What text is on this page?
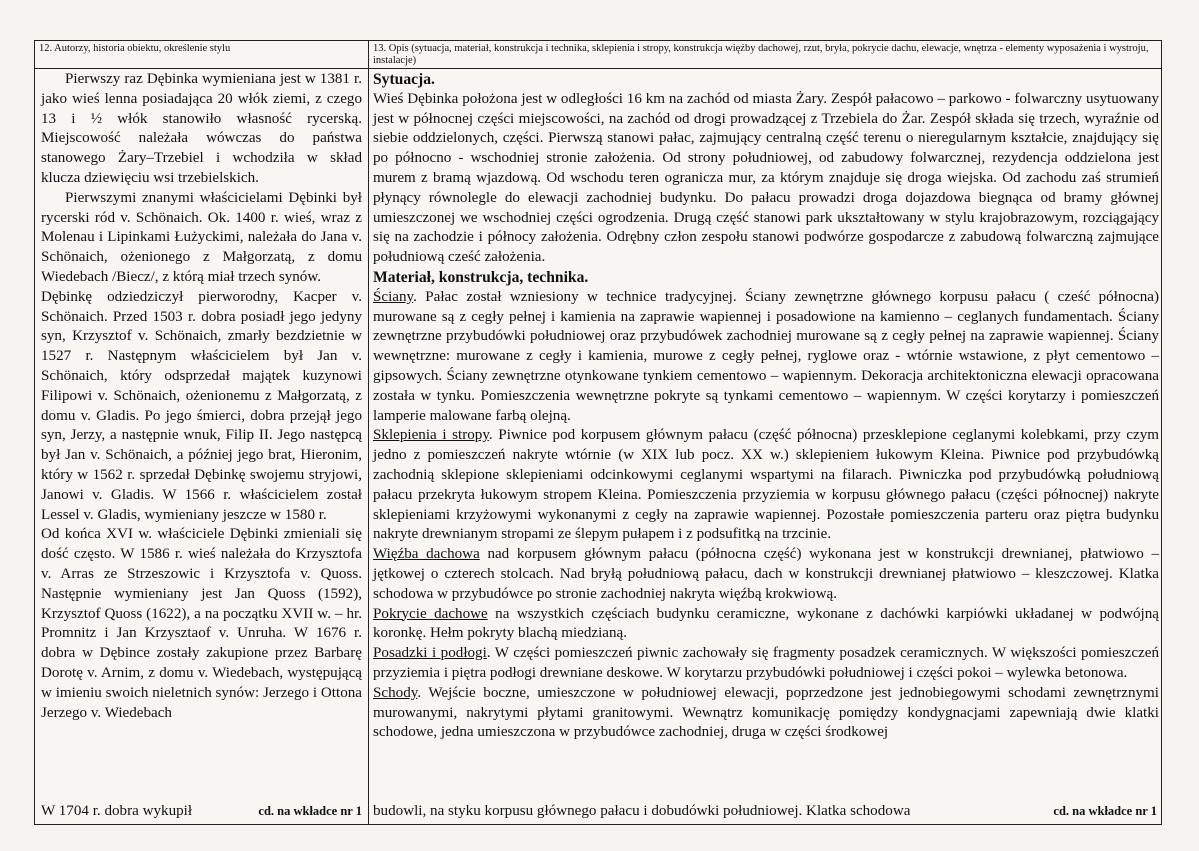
12. Autorzy, historia obiektu, określenie stylu	13. Opis (sytuacja, materiał, konstrukcja i technika, sklepienia i stropy, konstrukcja więźby dachowej, rzut, bryła, pokrycie dachu, elewacje, wnętrza - elementy wyposażenia i wystroju, instalacje)

Pierwszy raz Dębinka wymieniana jest w 1381 r. jako wieś lenna posiadająca 20 włók ziemi, z czego 13 i ½ włók stanowiło własność rycerską. Miejscowość należała wówczas do państwa stanowego Żary–Trzebiel i wchodziła w skład klucza dziewięciu wsi trzebielskich.

Pierwszymi znanymi właścicielami Dębinki był rycerski ród v. Schönaich. Ok. 1400 r. wieś, wraz z Molenau i Lipinkami Łużyckimi, należała do Jana v. Schönaich, ożenionego z Małgorzatą, z domu Wiedebach /Biecz/, z którą miał trzech synów.

Dębinkę odziedziczył pierworodny, Kacper v. Schönaich. Przed 1503 r. dobra posiadł jego jedyny syn, Krzysztof v. Schönaich, zmarły bezdzietnie w 1527 r. Następnym właścicielem był Jan v. Schönaich, który odsprzedał majątek kuzynowi Filipowi v. Schönaich, ożenionemu z Małgorzatą, z domu v. Gladis. Po jego śmierci, dobra przejął jego syn, Jerzy, a następnie wnuk, Filip II. Jego następcą był Jan v. Schönaich, a później jego brat, Hieronim, który w 1562 r. sprzedał Dębinkę swojemu stryjowi, Janowi v. Gladis. W 1566 r. właścicielem został Lessel v. Gladis, wymieniany jeszcze w 1580 r.

Od końca XVI w. właściciele Dębinki zmieniali się dość często. W 1586 r. wieś należała do Krzysztofa v. Arras ze Strzeszowic i Krzysztofa v. Quoss. Następnie wymieniany jest Jan Quoss (1592), Krzysztof Quoss (1622), a na początku XVII w. – hr. Promnitz i Jan Krzysztaof v. Unruha. W 1676 r. dobra w Dębince zostały zakupione przez Barbarę Dorotę v. Arnim, z domu v. Wiedebach, występującą w imieniu swoich nieletnich synów: Jerzego i Ottona Jerzego v. Wiedebach

W 1704 r. dobra wykupił	cd. na wkładce nr 1

Sytuacja.

Wieś Dębinka położona jest w odległości 16 km na zachód od miasta Żary. Zespół pałacowo – parkowo - folwarczny usytuowany jest w północnej części miejscowości, na zachód od drogi prowadzącej z Trzebiela do Żar. Zespół składa się trzech, wyraźnie od siebie oddzielonych, części. Pierwszą stanowi pałac, zajmujący centralną część terenu o nieregularnym kształcie, znajdujący się po północno - wschodniej stronie założenia. Od strony południowej, od zabudowy folwarcznej, rezydencja oddzielona jest murem z bramą wjazdową. Od wschodu teren ogranicza mur, za którym znajduje się droga wiejska. Od zachodu zaś strumień płynący równolegle do elewacji zachodniej budynku. Do pałacu prowadzi droga dojazdowa biegnąca od bramy głównej umieszczonej we wschodniej części ogrodzenia. Drugą część stanowi park ukształtowany w stylu krajobrazowym, rozciągający się na zachodzie i północy założenia. Odrębny człon zespołu stanowi podwórze gospodarcze z zabudową folwarczną zajmujące południową cześć założenia.

Materiał, konstrukcja, technika.

Ściany. Pałac został wzniesiony w technice tradycyjnej. Ściany zewnętrzne głównego korpusu pałacu ( cześć północna) murowane są z cegły pełnej i kamienia na zaprawie wapiennej i posadowione na kamienno – ceglanych fundamentach. Ściany zewnętrzne przybudówki południowej oraz przybudówek zachodniej murowane są z cegły pełnej na zaprawie wapiennej. Ściany wewnętrzne: murowane z cegły i kamienia, murowe z cegły pełnej, ryglowe oraz - wtórnie wstawione, z płyt cementowo – gipsowych. Ściany zewnętrzne otynkowane tynkiem cementowo – wapiennym. Dekoracja architektoniczna elewacji opracowana została w tynku. Pomieszczenia wewnętrzne pokryte są tynkami cementowo – wapiennym. W części korytarzy i pomieszczeń lamperie malowane farbą olejną.

Sklepienia i stropy. Piwnice pod korpusem głównym pałacu (część północna) przesklepione ceglanymi kolebkami, przy czym jedno z pomieszczeń nakryte wtórnie (w XIX lub pocz. XX w.) sklepieniem łukowym Kleina. Piwnice pod przybudówką zachodnią sklepione sklepieniami odcinkowymi ceglanymi wspartymi na filarach. Piwniczka pod przybudówką południową pałacu przekryta łukowym stropem Kleina. Pomieszczenia przyziemia w korpusu głównego pałacu (części północnej) nakryte sklepieniami krzyżowymi wykonanymi z cegły na zaprawie wapiennej. Pozostałe pomieszczenia parteru oraz piętra budynku nakryte drewnianym stropami ze ślepym pułapem i z podsufitką na trzcinie.

Więźba dachowa nad korpusem głównym pałacu (północna część) wykonana jest w konstrukcji drewnianej, płatwiowo – jętkowej o czterech stolcach. Nad bryłą południową pałacu, dach w konstrukcji drewnianej płatwiowo – kleszczowej. Klatka schodowa w przybudówce po stronie zachodniej nakryta więźbą krokwiową.

Pokrycie dachowe na wszystkich częściach budynku ceramiczne, wykonane z dachówki karpiówki układanej w podwójną koronkę. Hełm pokryty blachą miedzianą.

Posadzki i podłogi. W części pomieszczeń piwnic zachowały się fragmenty posadzek ceramicznych. W większości pomieszczeń przyziemia i piętra podłogi drewniane deskowe. W korytarzu przybudówki południowej i części pokoi – wylewka betonowa.

Schody. Wejście boczne, umieszczone w południowej elewacji, poprzedzone jest jednobiegowymi schodami zewnętrznymi murowanymi, nakrytymi płytami granitowymi. Wewnątrz komunikację pomiędzy kondygnacjami zapewniają dwie klatki schodowe, jedna umieszczona w przybudówce zachodniej, druga w części środkowej

budowli, na styku korpusu głównego pałacu i dobudówki południowej. Klatka schodowa	cd. na wkładce nr 1
